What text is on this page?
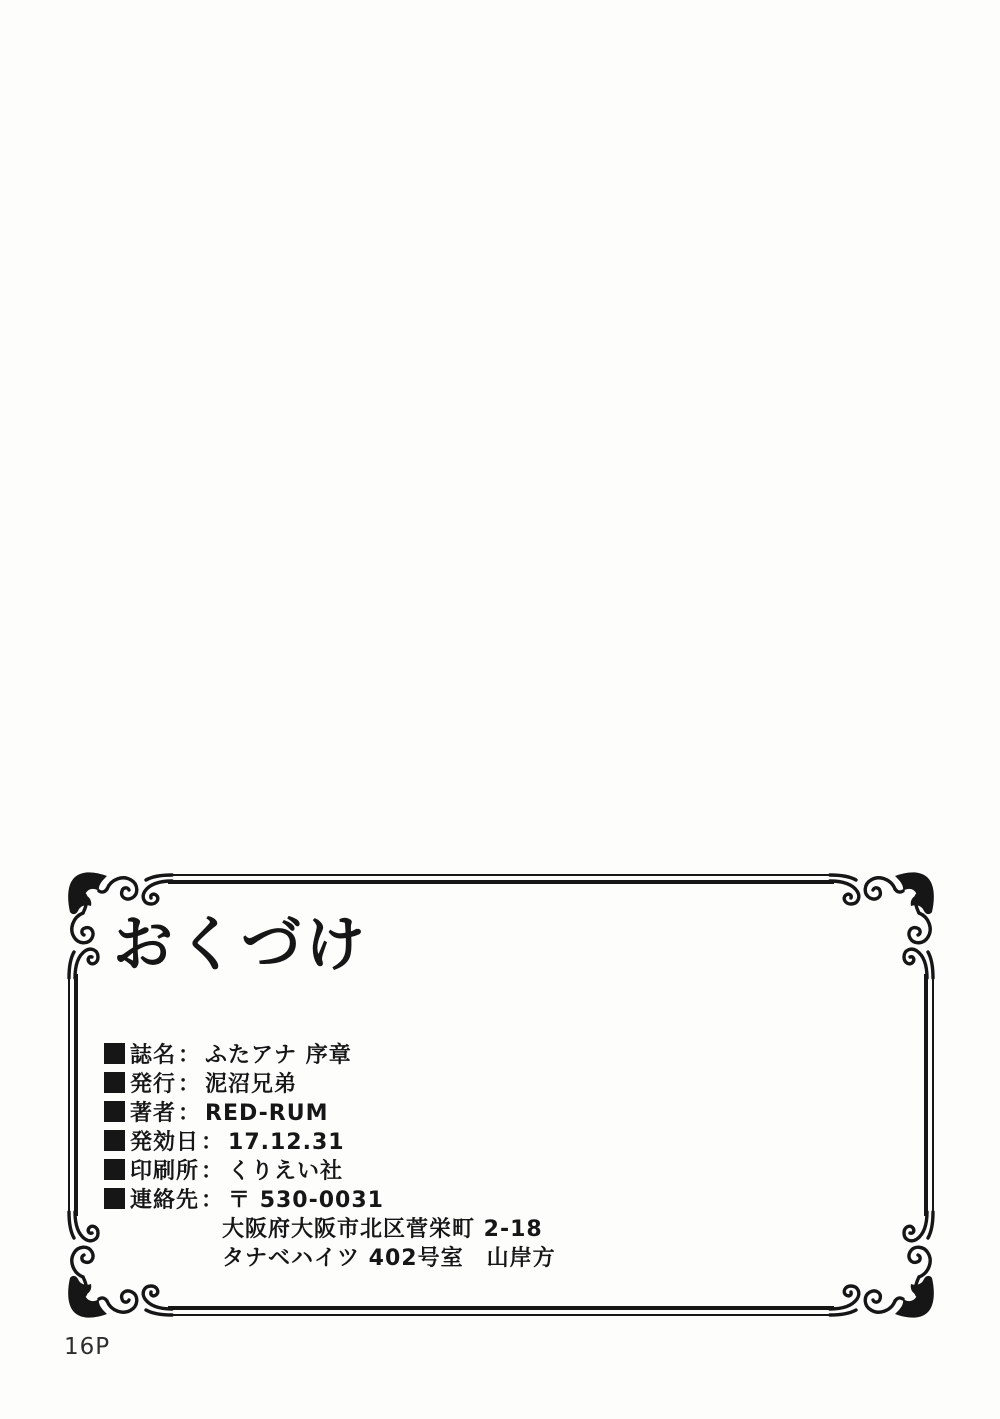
おくづけ
誌名： ふたアナ 序章
発行： 泥沼兄弟
著者： RED-RUM
発効日： 17.12.31
印刷所： くりえい社
連絡先： 〒 530-0031
大阪府大阪市北区菅栄町 2-18
タナベハイツ 402号室　山岸方
16P
